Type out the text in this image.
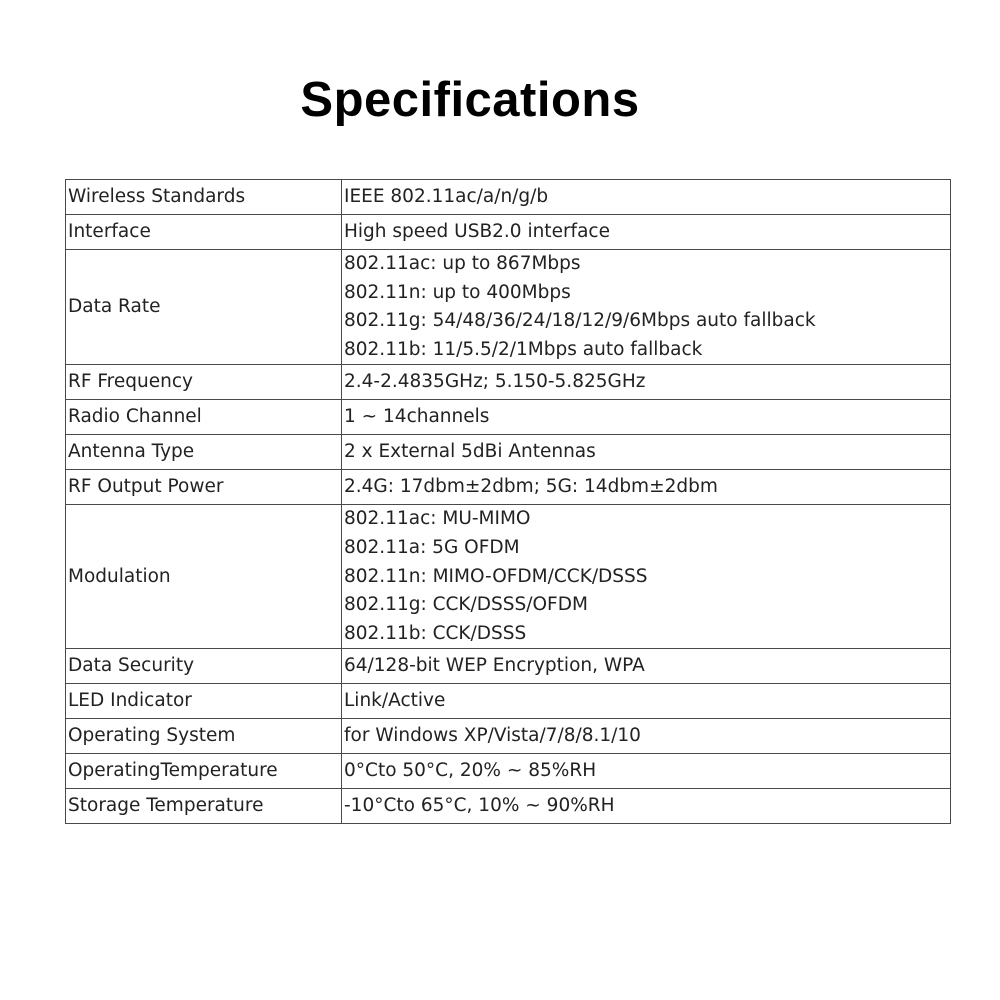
Specifications
Wireless Standards	IEEE 802.11ac/a/n/g/b

Interface	High speed USB2.0 interface

Data Rate	802.11ac: up to 867Mbps
802.11n: up to 400Mbps
802.11g: 54/48/36/24/18/12/9/6Mbps auto fallback
802.11b: 11/5.5/2/1Mbps auto fallback

RF Frequency	2.4-2.4835GHz; 5.150-5.825GHz

Radio Channel	1 ~ 14channels

Antenna Type	2 x External 5dBi Antennas

RF Output Power	2.4G: 17dbm±2dbm; 5G: 14dbm±2dbm

Modulation	802.11ac: MU-MIMO
802.11a: 5G OFDM
802.11n: MIMO-OFDM/CCK/DSSS
802.11g: CCK/DSSS/OFDM
802.11b: CCK/DSSS

Data Security	64/128-bit WEP Encryption, WPA

LED Indicator	Link/Active

Operating System	for Windows XP/Vista/7/8/8.1/10

OperatingTemperature	0°Cto 50°C, 20% ~ 85%RH

Storage Temperature	-10°Cto 65°C, 10% ~ 90%RH
